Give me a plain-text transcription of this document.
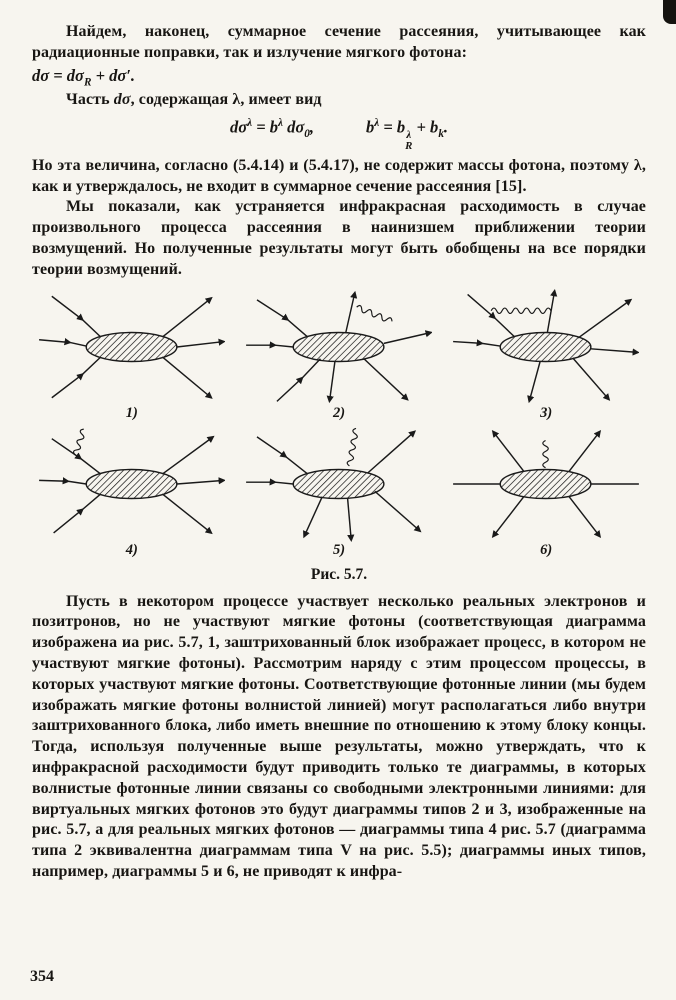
Найдем, наконец, суммарное сечение рассеяния, учитывающее как радиационные поправки, так и излучение мягкого фотона:

$d\sigma = d\sigma_R + d\sigma'$.

Часть dσ, содержащая λ, имеет вид

$d\sigma^\lambda = b^\lambda$ $d\sigma_0$,	$b^\lambda = b$ λ
R
+ $b_k$.

Но эта величина, согласно (5.4.14) и (5.4.17), не содержит массы фотона, поэтому λ, как и утверждалось, не входит в суммарное сечение рассеяния [15].

Мы показали, как устраняется инфракрасная расходимость в случае произвольного процесса рассеяния в наинизшем приближении теории возмущений. Но полученные результаты могут быть обобщены на все порядки теории возмущений.

1)	2)	3)
4)	5)	6)
Рис. 5.7.

Пусть в некотором процессе участвует несколько реальных электронов и позитронов, но не участвуют мягкие фотоны (соответствующая диаграмма изображена иа рис. 5.7, 1, заштрихованный блок изображает процесс, в котором не участвуют мягкие фотоны). Рассмотрим наряду с этим процессом процессы, в которых участвуют мягкие фотоны. Соответствующие фотонные линии (мы будем изображать мягкие фотоны волнистой линией) могут располагаться либо внутри заштрихованного блока, либо иметь внешние по отношению к этому блоку концы. Тогда, используя полученные выше результаты, можно утверждать, что к инфракрасной расходимости будут приводить только те диаграммы, в которых волнистые фотонные линии связаны со свободными электронными линиями: для виртуальных мягких фотонов это будут диаграммы типов 2 и 3, изображенные на рис. 5.7, а для реальных мягких фотонов — диаграммы типа 4 рис. 5.7 (диаграмма типа 2 эквивалентна диаграммам типа V на рис. 5.5); диаграммы иных типов, например, диаграммы 5 и 6, не приводят к инфра-

354
